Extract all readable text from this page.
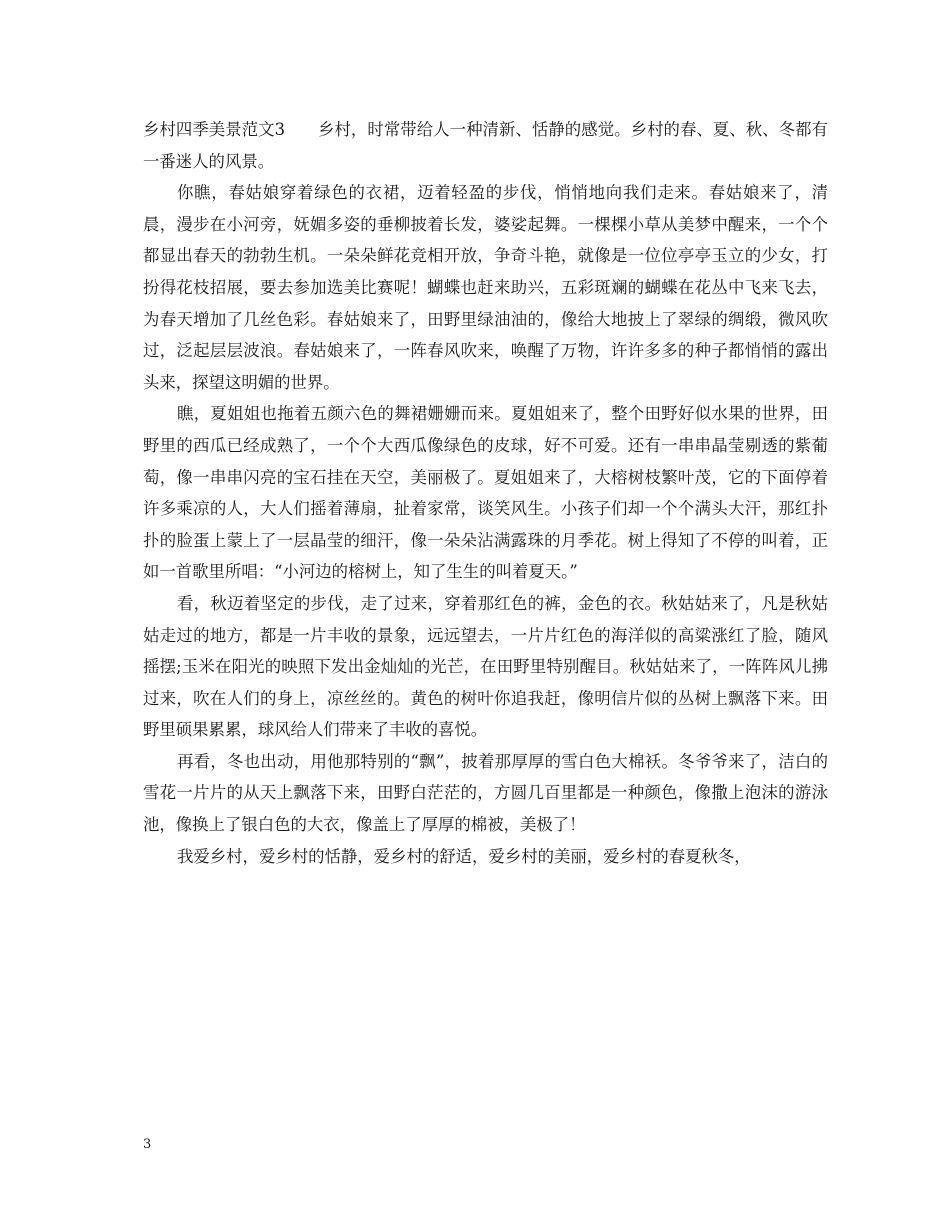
乡村四季美景范文3　　乡村，时常带给人一种清新、恬静的感觉。乡村的春、夏、秋、冬都有一番迷人的风景。

你瞧，春姑娘穿着绿色的衣裙，迈着轻盈的步伐，悄悄地向我们走来。春姑娘来了，清晨，漫步在小河旁，妩媚多姿的垂柳披着长发，婆娑起舞。一棵棵小草从美梦中醒来，一个个都显出春天的勃勃生机。一朵朵鲜花竞相开放，争奇斗艳，就像是一位位亭亭玉立的少女，打扮得花枝招展，要去参加选美比赛呢！蝴蝶也赶来助兴，五彩斑斓的蝴蝶在花丛中飞来飞去，为春天增加了几丝色彩。春姑娘来了，田野里绿油油的，像给大地披上了翠绿的绸缎，微风吹过，泛起层层波浪。春姑娘来了，一阵春风吹来，唤醒了万物，许许多多的种子都悄悄的露出头来，探望这明媚的世界。

瞧，夏姐姐也拖着五颜六色的舞裙姗姗而来。夏姐姐来了，整个田野好似水果的世界，田野里的西瓜已经成熟了，一个个大西瓜像绿色的皮球，好不可爱。还有一串串晶莹剔透的紫葡萄，像一串串闪亮的宝石挂在天空，美丽极了。夏姐姐来了，大榕树枝繁叶茂，它的下面停着许多乘凉的人，大人们摇着薄扇，扯着家常，谈笑风生。小孩子们却一个个满头大汗，那红扑扑的脸蛋上蒙上了一层晶莹的细汗，像一朵朵沾满露珠的月季花。树上得知了不停的叫着，正如一首歌里所唱：“小河边的榕树上，知了生生的叫着夏天。”

看，秋迈着坚定的步伐，走了过来，穿着那红色的裤，金色的衣。秋姑姑来了，凡是秋姑姑走过的地方，都是一片丰收的景象，远远望去，一片片红色的海洋似的高粱涨红了脸，随风摇摆;玉米在阳光的映照下发出金灿灿的光芒，在田野里特别醒目。秋姑姑来了，一阵阵风儿拂过来，吹在人们的身上，凉丝丝的。黄色的树叶你追我赶，像明信片似的丛树上飘落下来。田野里硕果累累，球风给人们带来了丰收的喜悦。

再看，冬也出动，用他那特别的“飘”，披着那厚厚的雪白色大棉袄。冬爷爷来了，洁白的雪花一片片的从天上飘落下来，田野白茫茫的，方圆几百里都是一种颜色，像撒上泡沫的游泳池，像换上了银白色的大衣，像盖上了厚厚的棉被，美极了！

我爱乡村，爱乡村的恬静，爱乡村的舒适，爱乡村的美丽，爱乡村的春夏秋冬，

3
